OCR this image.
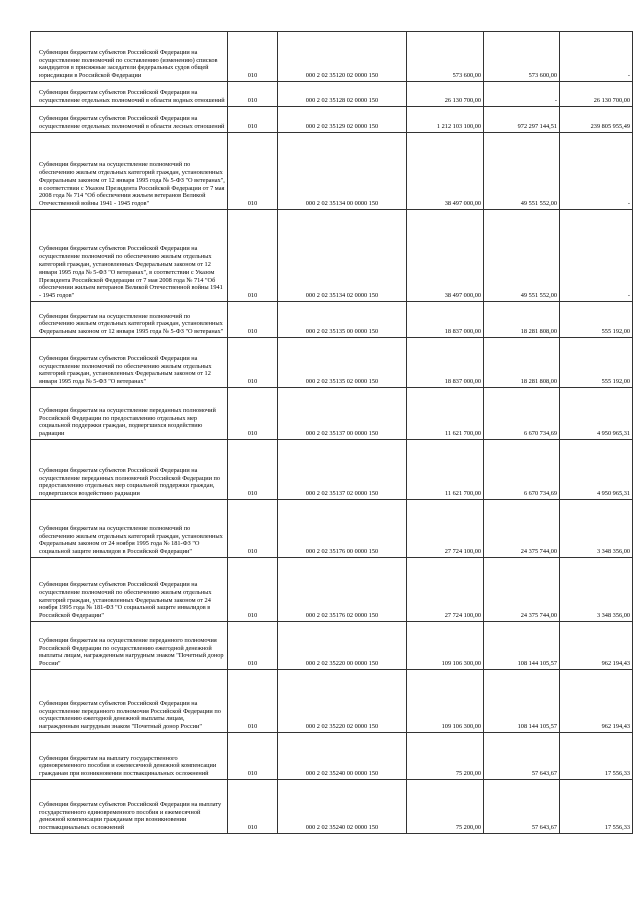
Субвенции бюджетам субъектов Российской Федерации на осуществление полномочий по составлению (изменению) списков кандидатов в присяжные заседатели федеральных судов общей юрисдикции в Российской Федерации	010	000 2 02 35120 02 0000 150	573 600,00	573 600,00	-

Субвенции бюджетам субъектов Российской Федерации на осуществление отдельных полномочий в области водных отношений	010	000 2 02 35128 02 0000 150	26 130 700,00	-	26 130 700,00

Субвенции бюджетам субъектов Российской Федерации на осуществление отдельных полномочий в области лесных отношений	010	000 2 02 35129 02 0000 150	1 212 103 100,00	972 297 144,51	239 805 955,49

Субвенции бюджетам на осуществление полномочий по обеспечению жильем отдельных категорий граждан, установленных Федеральным законом от 12 января 1995 года № 5-ФЗ "О ветеранах", в соответствии с Указом Президента Российской Федерации от 7 мая 2008 года № 714 "Об обеспечении жильем ветеранов Великой Отечественной войны 1941 - 1945 годов"	010	000 2 02 35134 00 0000 150	38 497 000,00	49 551 552,00	-

Субвенции бюджетам субъектов Российской Федерации на осуществление полномочий по обеспечению жильем отдельных категорий граждан, установленных Федеральным законом от 12 января 1995 года № 5-ФЗ "О ветеранах", в соответствии с Указом Президента Российской Федерации от 7 мая 2008 года № 714 "Об обеспечении жильем ветеранов Великой Отечественной войны 1941 - 1945 годов"	010	000 2 02 35134 02 0000 150	38 497 000,00	49 551 552,00	-

Субвенции бюджетам на осуществление полномочий по обеспечению жильем отдельных категорий граждан, установленных Федеральным законом от 12 января 1995 года № 5-ФЗ "О ветеранах"	010	000 2 02 35135 00 0000 150	18 837 000,00	18 281 808,00	555 192,00

Субвенции бюджетам субъектов Российской Федерации на осуществление полномочий по обеспечению жильем отдельных категорий граждан, установленных Федеральным законом от 12 января 1995 года № 5-ФЗ "О ветеранах"	010	000 2 02 35135 02 0000 150	18 837 000,00	18 281 808,00	555 192,00

Субвенции бюджетам на осуществление переданных полномочий Российской Федерации по предоставлению отдельных мер социальной поддержки граждан, подвергшихся воздействию радиации	010	000 2 02 35137 00 0000 150	11 621 700,00	6 670 734,69	4 950 965,31

Субвенции бюджетам субъектов Российской Федерации на осуществление переданных полномочий Российской Федерации по предоставлению отдельных мер социальной поддержки граждан, подвергшихся воздействию радиации	010	000 2 02 35137 02 0000 150	11 621 700,00	6 670 734,69	4 950 965,31

Субвенции бюджетам на осуществление полномочий по обеспечению жильем отдельных категорий граждан, установленных Федеральным законом от 24 ноября 1995 года № 181-ФЗ "О социальной защите инвалидов в Российской Федерации"	010	000 2 02 35176 00 0000 150	27 724 100,00	24 375 744,00	3 348 356,00

Субвенции бюджетам субъектов Российской Федерации на осуществление полномочий по обеспечению жильем отдельных категорий граждан, установленных Федеральным законом от 24 ноября 1995 года № 181-ФЗ "О социальной защите инвалидов в Российской Федерации"	010	000 2 02 35176 02 0000 150	27 724 100,00	24 375 744,00	3 348 356,00

Субвенции бюджетам на осуществление переданного полномочия Российской Федерации по осуществлению ежегодной денежной выплаты лицам, награжденным нагрудным знаком "Почетный донор России"	010	000 2 02 35220 00 0000 150	109 106 300,00	108 144 105,57	962 194,43

Субвенции бюджетам субъектов Российской Федерации на осуществление переданного полномочия Российской Федерации по осуществлению ежегодной денежной выплаты лицам, награжденным нагрудным знаком "Почетный донор России"	010	000 2 02 35220 02 0000 150	109 106 300,00	108 144 105,57	962 194,43

Субвенции бюджетам на выплату государственного единовременного пособия и ежемесячной денежной компенсации гражданам при возникновении поствакцинальных осложнений	010	000 2 02 35240 00 0000 150	75 200,00	57 643,67	17 556,33

Субвенции бюджетам субъектов Российской Федерации на выплату государственного единовременного пособия и ежемесячной денежной компенсации гражданам при возникновении поствакцинальных осложнений	010	000 2 02 35240 02 0000 150	75 200,00	57 643,67	17 556,33
